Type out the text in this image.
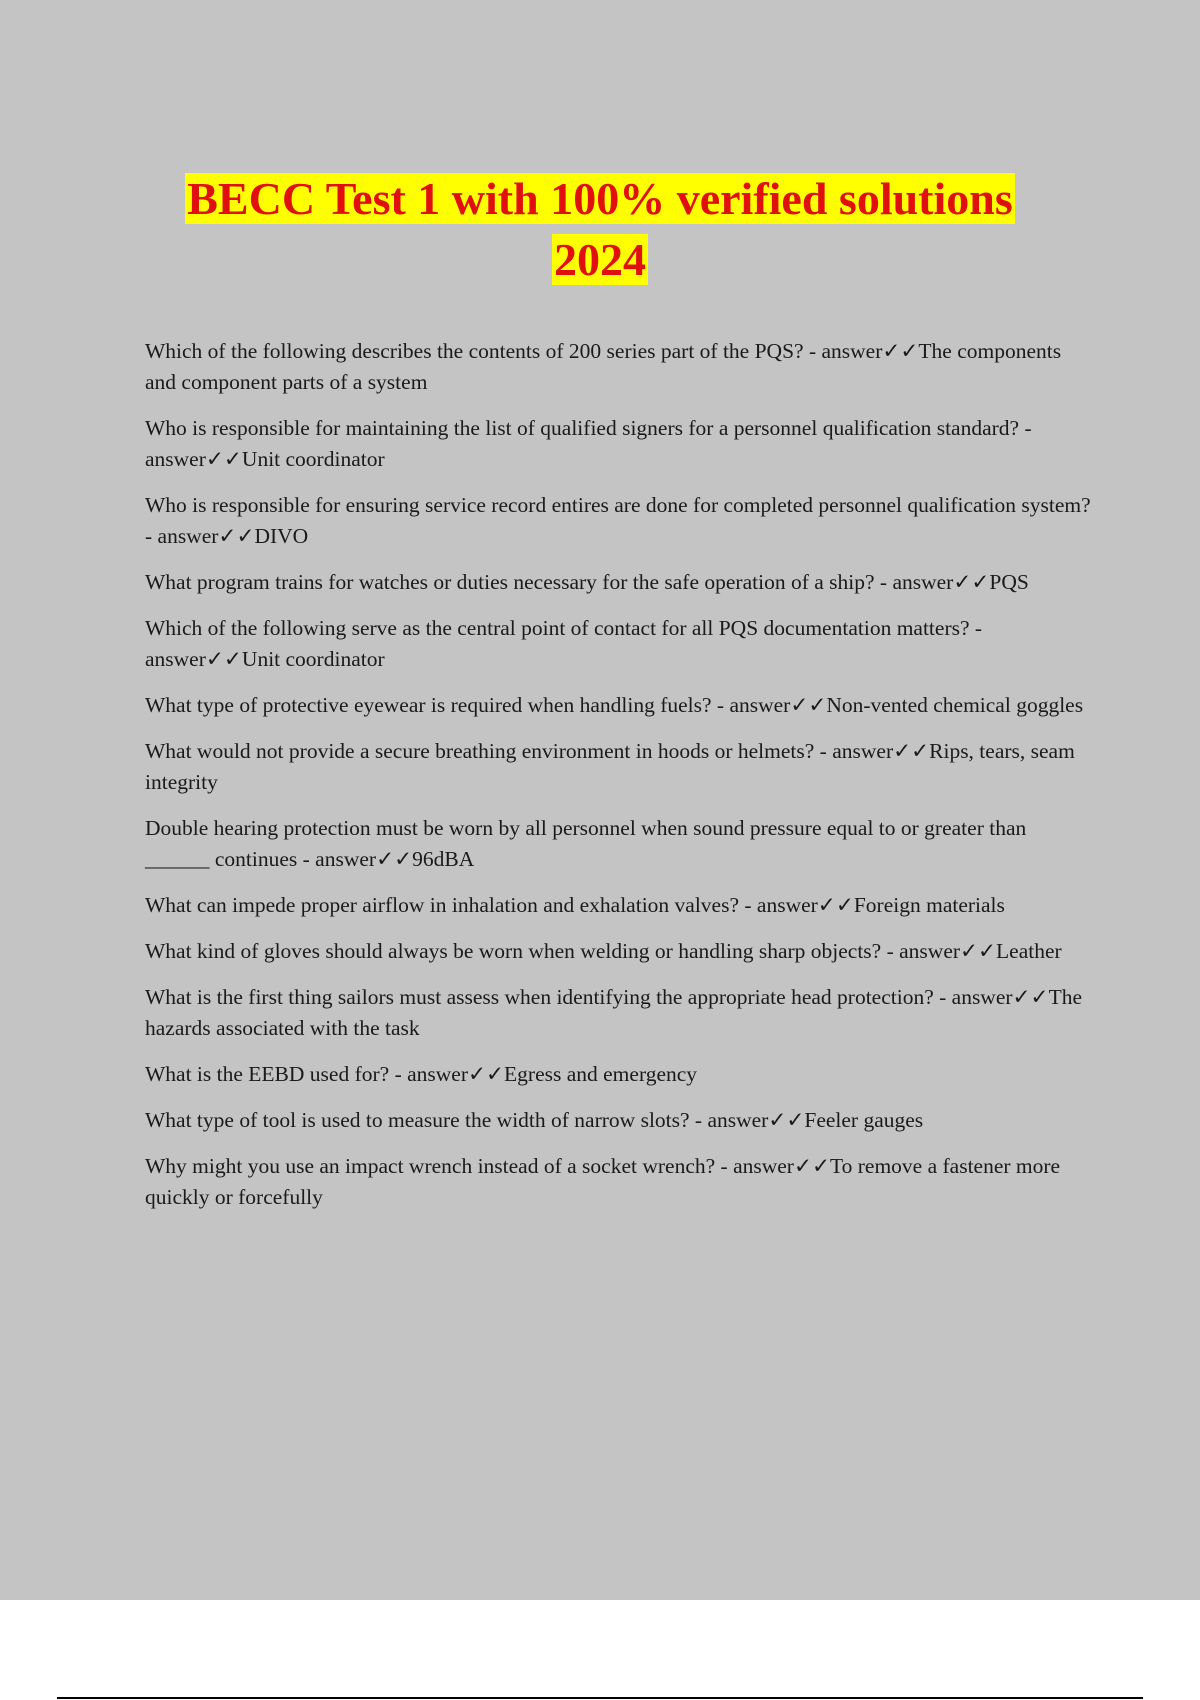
BECC Test 1 with 100% verified solutions
2024

Which of the following describes the contents of 200 series part of the PQS? - answer✓✓The components and component parts of a system

Who is responsible for maintaining the list of qualified signers for a personnel qualification standard? - answer✓✓Unit coordinator

Who is responsible for ensuring service record entires are done for completed personnel qualification system? - answer✓✓DIVO

What program trains for watches or duties necessary for the safe operation of a ship? - answer✓✓PQS

Which of the following serve as the central point of contact for all PQS documentation matters? - answer✓✓Unit coordinator

What type of protective eyewear is required when handling fuels? - answer✓✓Non-vented chemical goggles

What would not provide a secure breathing environment in hoods or helmets? - answer✓✓Rips, tears, seam integrity

Double hearing protection must be worn by all personnel when sound pressure equal to or greater than ______ continues - answer✓✓96dBA

What can impede proper airflow in inhalation and exhalation valves? - answer✓✓Foreign materials

What kind of gloves should always be worn when welding or handling sharp objects? - answer✓✓Leather

What is the first thing sailors must assess when identifying the appropriate head protection? - answer✓✓The hazards associated with the task

What is the EEBD used for? - answer✓✓Egress and emergency

What type of tool is used to measure the width of narrow slots? - answer✓✓Feeler gauges

Why might you use an impact wrench instead of a socket wrench? - answer✓✓To remove a fastener more quickly or forcefully
